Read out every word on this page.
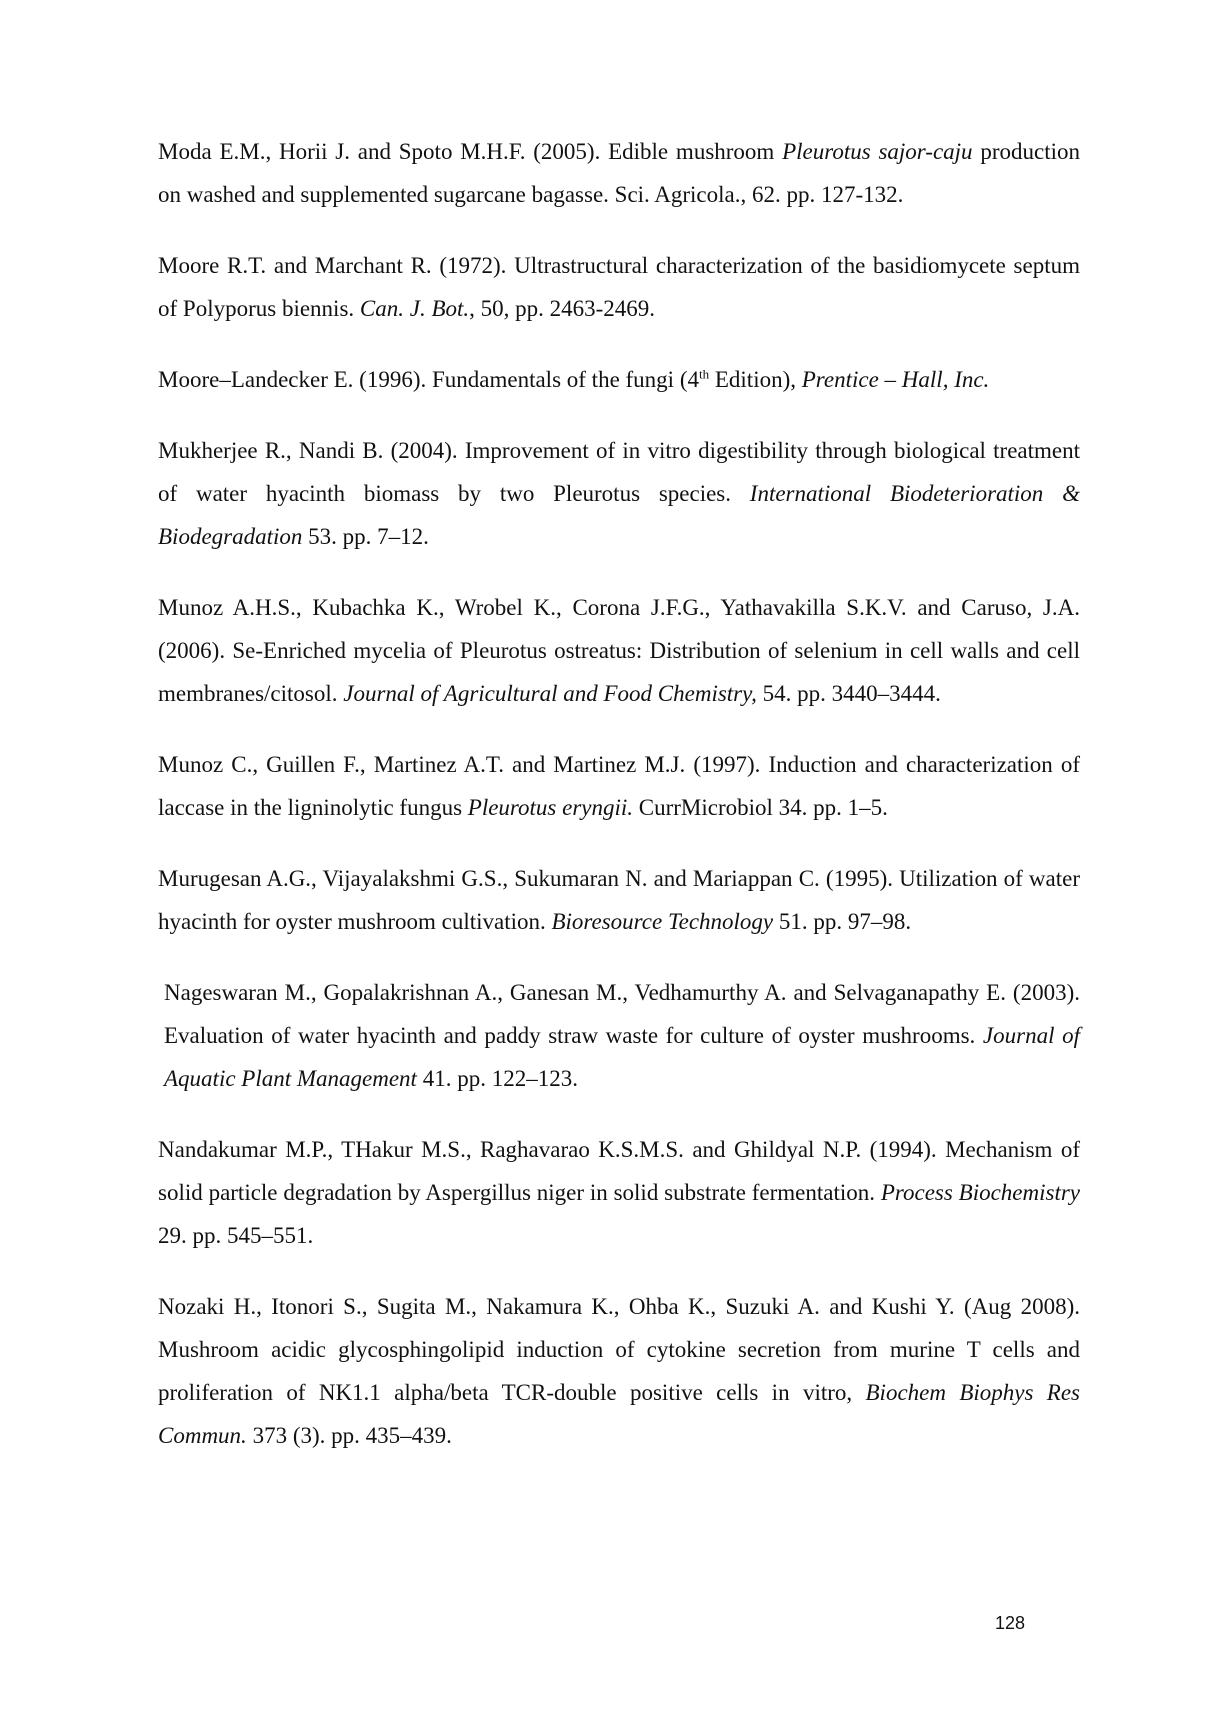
Moda E.M., Horii J. and Spoto M.H.F. (2005). Edible mushroom Pleurotus sajor-caju production on washed and supplemented sugarcane bagasse. Sci. Agricola., 62. pp. 127-132.

Moore R.T. and Marchant R. (1972). Ultrastructural characterization of the basidiomycete septum of Polyporus biennis. Can. J. Bot., 50, pp. 2463-2469.

Moore–Landecker E. (1996). Fundamentals of the fungi (4th Edition), Prentice – Hall, Inc.

Mukherjee R., Nandi B. (2004). Improvement of in vitro digestibility through biological treatment of water hyacinth biomass by two Pleurotus species. International Biodeterioration & Biodegradation 53. pp. 7–12.

Munoz A.H.S., Kubachka K., Wrobel K., Corona J.F.G., Yathavakilla S.K.V. and Caruso, J.A. (2006). Se-Enriched mycelia of Pleurotus ostreatus: Distribution of selenium in cell walls and cell membranes/citosol. Journal of Agricultural and Food Chemistry, 54. pp. 3440–3444.

Munoz C., Guillen F., Martinez A.T. and Martinez M.J. (1997). Induction and characterization of laccase in the ligninolytic fungus Pleurotus eryngii. CurrMicrobiol 34. pp. 1–5.

Murugesan A.G., Vijayalakshmi G.S., Sukumaran N. and Mariappan C. (1995). Utilization of water hyacinth for oyster mushroom cultivation. Bioresource Technology 51. pp. 97–98.

Nageswaran M., Gopalakrishnan A., Ganesan M., Vedhamurthy A. and Selvaganapathy E. (2003). Evaluation of water hyacinth and paddy straw waste for culture of oyster mushrooms. Journal of Aquatic Plant Management 41. pp. 122–123.

Nandakumar M.P., THakur M.S., Raghavarao K.S.M.S. and Ghildyal N.P. (1994). Mechanism of solid particle degradation by Aspergillus niger in solid substrate fermentation. Process Biochemistry 29. pp. 545–551.

Nozaki H., Itonori S., Sugita M., Nakamura K., Ohba K., Suzuki A. and Kushi Y. (Aug 2008). Mushroom acidic glycosphingolipid induction of cytokine secretion from murine T cells and proliferation of NK1.1 alpha/beta TCR-double positive cells in vitro, Biochem Biophys Res Commun. 373 (3). pp. 435–439.

128
